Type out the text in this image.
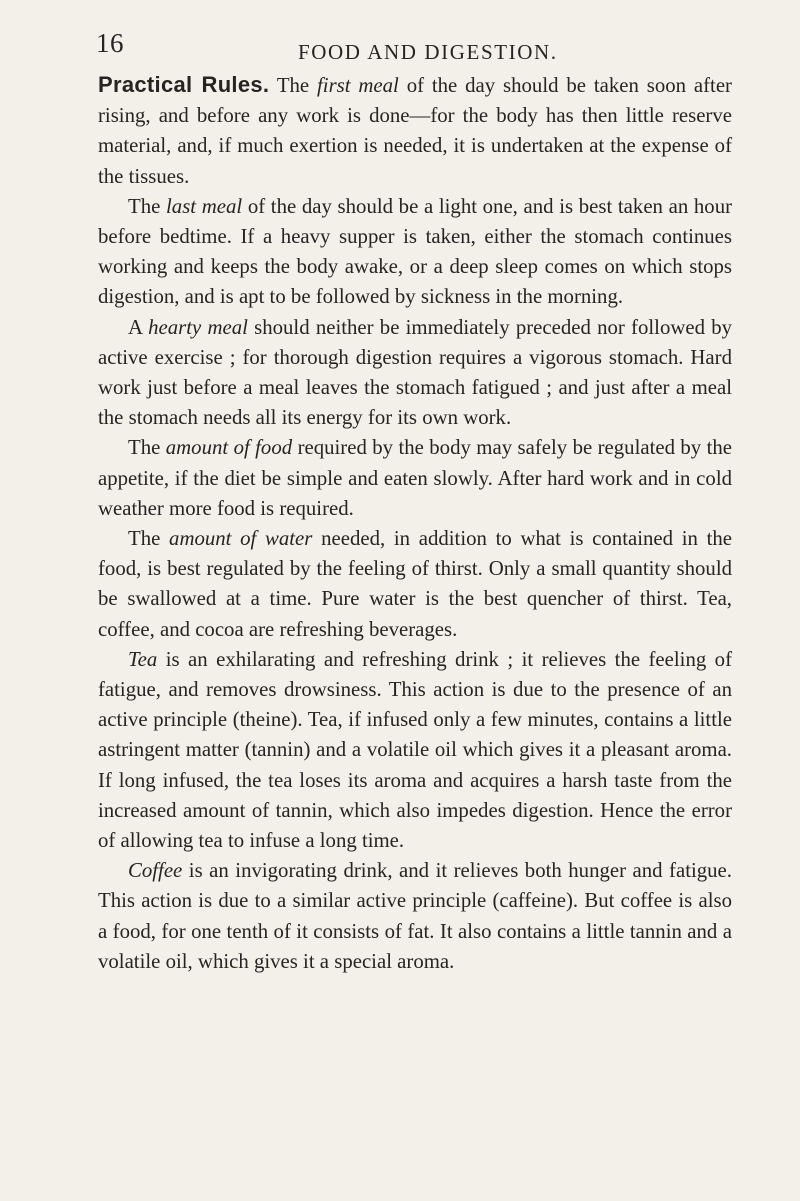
16	FOOD AND DIGESTION.

Practical Rules. The first meal of the day should be taken soon after rising, and before any work is done—for the body has then little reserve material, and, if much exertion is needed, it is undertaken at the expense of the tissues.

The last meal of the day should be a light one, and is best taken an hour before bedtime. If a heavy supper is taken, either the stomach continues working and keeps the body awake, or a deep sleep comes on which stops digestion, and is apt to be followed by sickness in the morning.

A hearty meal should neither be immediately preceded nor followed by active exercise ; for thorough digestion requires a vigorous stomach. Hard work just before a meal leaves the stomach fatigued ; and just after a meal the stomach needs all its energy for its own work.

The amount of food required by the body may safely be regulated by the appetite, if the diet be simple and eaten slowly. After hard work and in cold weather more food is required.

The amount of water needed, in addition to what is contained in the food, is best regulated by the feeling of thirst. Only a small quantity should be swallowed at a time. Pure water is the best quencher of thirst. Tea, coffee, and cocoa are refreshing beverages.

Tea is an exhilarating and refreshing drink ; it relieves the feeling of fatigue, and removes drowsiness. This action is due to the presence of an active principle (theine). Tea, if infused only a few minutes, contains a little astringent matter (tannin) and a volatile oil which gives it a pleasant aroma. If long infused, the tea loses its aroma and acquires a harsh taste from the increased amount of tannin, which also impedes digestion. Hence the error of allowing tea to infuse a long time.

Coffee is an invigorating drink, and it relieves both hunger and fatigue. This action is due to a similar active principle (caffeine). But coffee is also a food, for one tenth of it consists of fat. It also contains a little tannin and a volatile oil, which gives it a special aroma.
